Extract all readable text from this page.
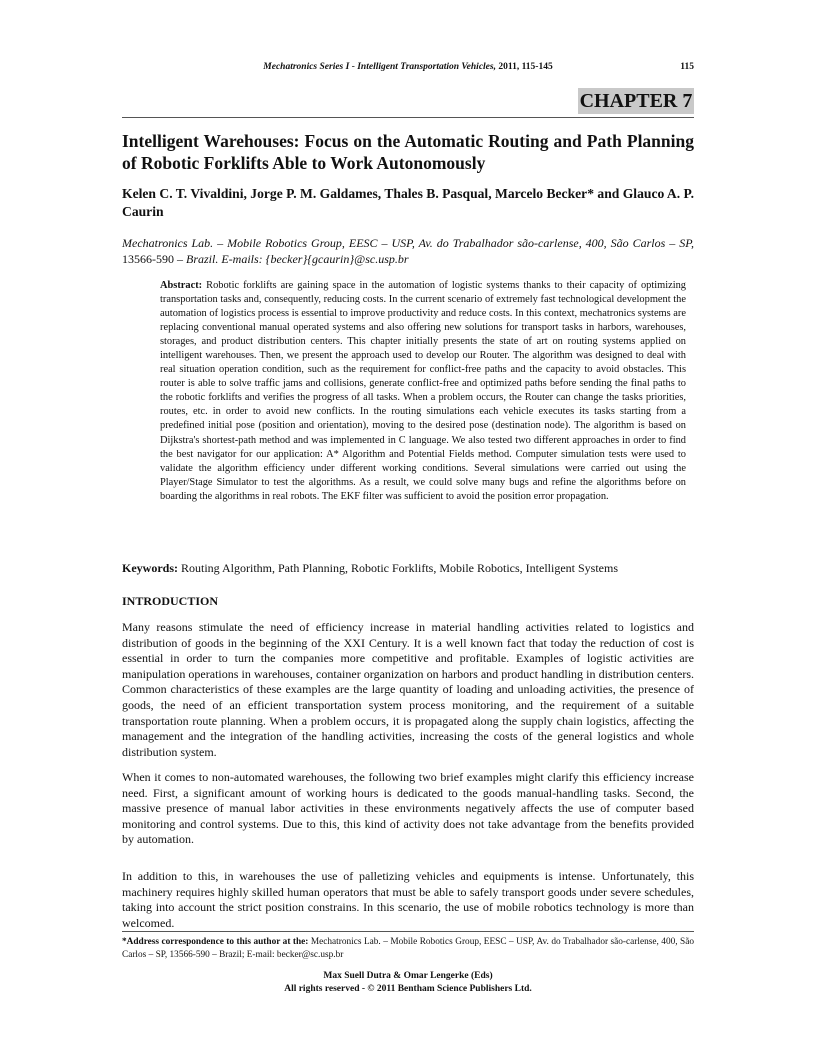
Mechatronics Series I - Intelligent Transportation Vehicles, 2011, 115-145	115
CHAPTER 7
Intelligent Warehouses: Focus on the Automatic Routing and Path Planning of Robotic Forklifts Able to Work Autonomously
Kelen C. T. Vivaldini, Jorge P. M. Galdames, Thales B. Pasqual, Marcelo Becker* and Glauco A. P. Caurin
Mechatronics Lab. – Mobile Robotics Group, EESC – USP, Av. do Trabalhador são-carlense, 400, São Carlos – SP, 13566-590 – Brazil. E-mails: {becker}{gcaurin}@sc.usp.br
Abstract: Robotic forklifts are gaining space in the automation of logistic systems thanks to their capacity of optimizing transportation tasks and, consequently, reducing costs. In the current scenario of extremely fast technological development the automation of logistics process is essential to improve productivity and reduce costs. In this context, mechatronics systems are replacing conventional manual operated systems and also offering new solutions for transport tasks in harbors, warehouses, storages, and product distribution centers. This chapter initially presents the state of art on routing systems applied on intelligent warehouses. Then, we present the approach used to develop our Router. The algorithm was designed to deal with real situation operation condition, such as the requirement for conflict-free paths and the capacity to avoid obstacles. This router is able to solve traffic jams and collisions, generate conflict-free and optimized paths before sending the final paths to the robotic forklifts and verifies the progress of all tasks. When a problem occurs, the Router can change the tasks priorities, routes, etc. in order to avoid new conflicts. In the routing simulations each vehicle executes its tasks starting from a predefined initial pose (position and orientation), moving to the desired pose (destination node). The algorithm is based on Dijkstra's shortest-path method and was implemented in C language. We also tested two different approaches in order to find the best navigator for our application: A* Algorithm and Potential Fields method. Computer simulation tests were used to validate the algorithm efficiency under different working conditions. Several simulations were carried out using the Player/Stage Simulator to test the algorithms. As a result, we could solve many bugs and refine the algorithms before on boarding the algorithms in real robots. The EKF filter was sufficient to avoid the position error propagation.
Keywords: Routing Algorithm, Path Planning, Robotic Forklifts, Mobile Robotics, Intelligent Systems
INTRODUCTION

Many reasons stimulate the need of efficiency increase in material handling activities related to logistics and distribution of goods in the beginning of the XXI Century. It is a well known fact that today the reduction of cost is essential in order to turn the companies more competitive and profitable. Examples of logistic activities are manipulation operations in warehouses, container organization on harbors and product handling in distribution centers. Common characteristics of these examples are the large quantity of loading and unloading activities, the presence of goods, the need of an efficient transportation system process monitoring, and the requirement of a suitable transportation route planning. When a problem occurs, it is propagated along the supply chain logistics, affecting the management and the integration of the handling activities, increasing the costs of the general logistics and whole distribution system.

When it comes to non-automated warehouses, the following two brief examples might clarify this efficiency increase need. First, a significant amount of working hours is dedicated to the goods manual-handling tasks. Second, the massive presence of manual labor activities in these environments negatively affects the use of computer based monitoring and control systems. Due to this, this kind of activity does not take advantage from the benefits provided by automation.

In addition to this, in warehouses the use of palletizing vehicles and equipments is intense. Unfortunately, this machinery requires highly skilled human operators that must be able to safely transport goods under severe schedules, taking into account the strict position constrains. In this scenario, the use of mobile robotics technology is more than welcomed.

*Address correspondence to this author at the: Mechatronics Lab. – Mobile Robotics Group, EESC – USP, Av. do Trabalhador são-carlense, 400, São Carlos – SP, 13566-590 – Brazil; E-mail: becker@sc.usp.br
Max Suell Dutra & Omar Lengerke (Eds)
All rights reserved - © 2011 Bentham Science Publishers Ltd.
